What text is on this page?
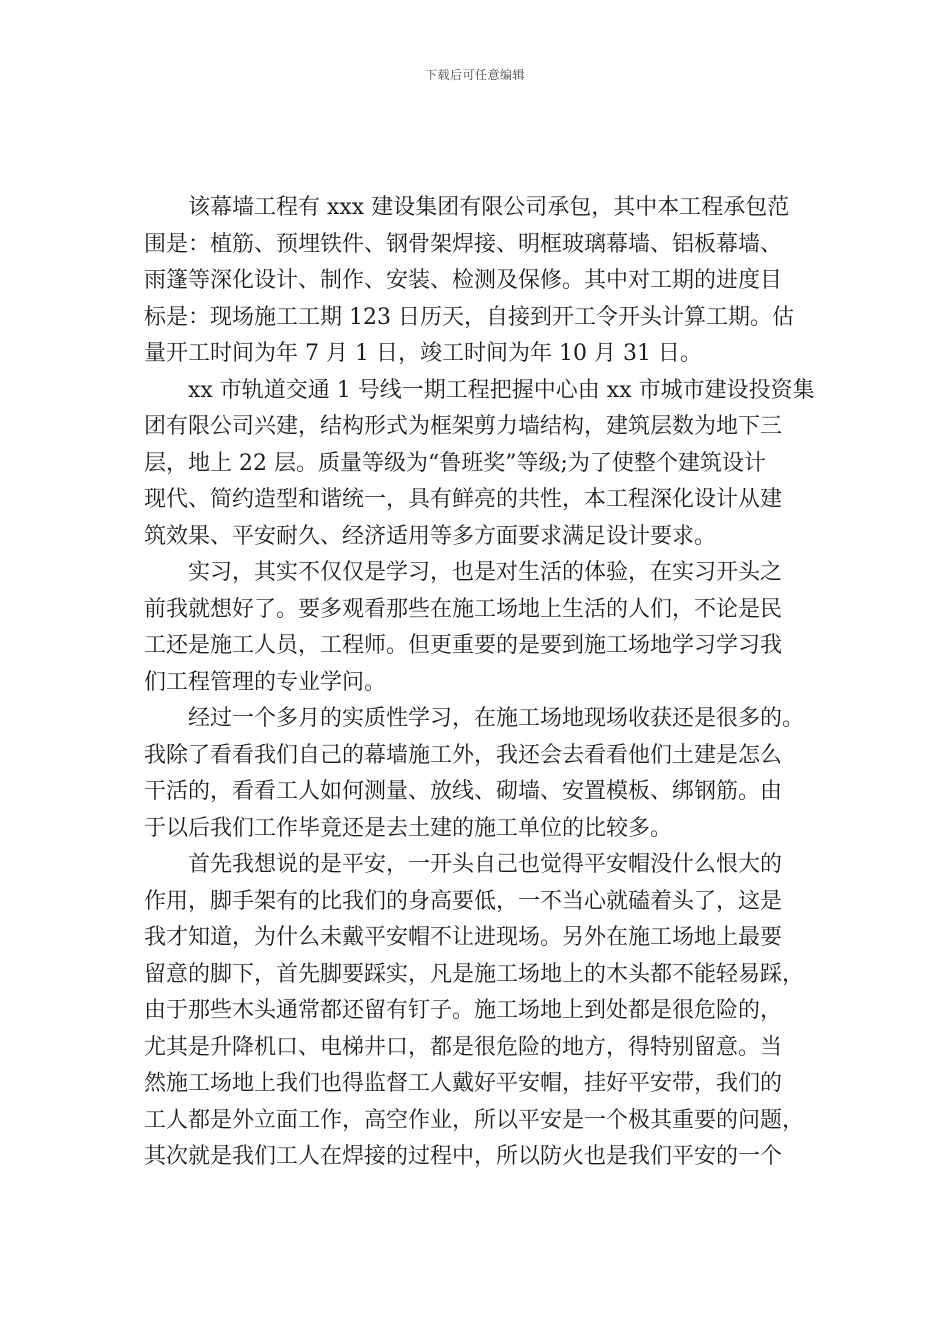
下载后可任意编辑
该幕墙工程有 xxx 建设集团有限公司承包，其中本工程承包范
围是：植筋、预埋铁件、钢骨架焊接、明框玻璃幕墙、铝板幕墙、
雨篷等深化设计、制作、安装、检测及保修。其中对工期的进度目
标是：现场施工工期 123 日历天，自接到开工令开头计算工期。估
量开工时间为年 7 月 1 日，竣工时间为年 10 月 31 日。
xx 市轨道交通 1 号线一期工程把握中心由 xx 市城市建设投资集
团有限公司兴建，结构形式为框架剪力墙结构，建筑层数为地下三
层，地上 22 层。质量等级为“鲁班奖”等级;为了使整个建筑设计
现代、简约造型和谐统一，具有鲜亮的共性，本工程深化设计从建
筑效果、平安耐久、经济适用等多方面要求满足设计要求。
实习，其实不仅仅是学习，也是对生活的体验，在实习开头之
前我就想好了。要多观看那些在施工场地上生活的人们，不论是民
工还是施工人员，工程师。但更重要的是要到施工场地学习学习我
们工程管理的专业学问。
经过一个多月的实质性学习，在施工场地现场收获还是很多的。
我除了看看我们自己的幕墙施工外，我还会去看看他们土建是怎么
干活的，看看工人如何测量、放线、砌墙、安置模板、绑钢筋。由
于以后我们工作毕竟还是去土建的施工单位的比较多。
首先我想说的是平安，一开头自己也觉得平安帽没什么恨大的
作用，脚手架有的比我们的身高要低，一不当心就磕着头了，这是
我才知道，为什么未戴平安帽不让进现场。另外在施工场地上最要
留意的脚下，首先脚要踩实，凡是施工场地上的木头都不能轻易踩，
由于那些木头通常都还留有钉子。施工场地上到处都是很危险的，
尤其是升降机口、电梯井口，都是很危险的地方，得特别留意。当
然施工场地上我们也得监督工人戴好平安帽，挂好平安带，我们的
工人都是外立面工作，高空作业，所以平安是一个极其重要的问题，
其次就是我们工人在焊接的过程中，所以防火也是我们平安的一个
